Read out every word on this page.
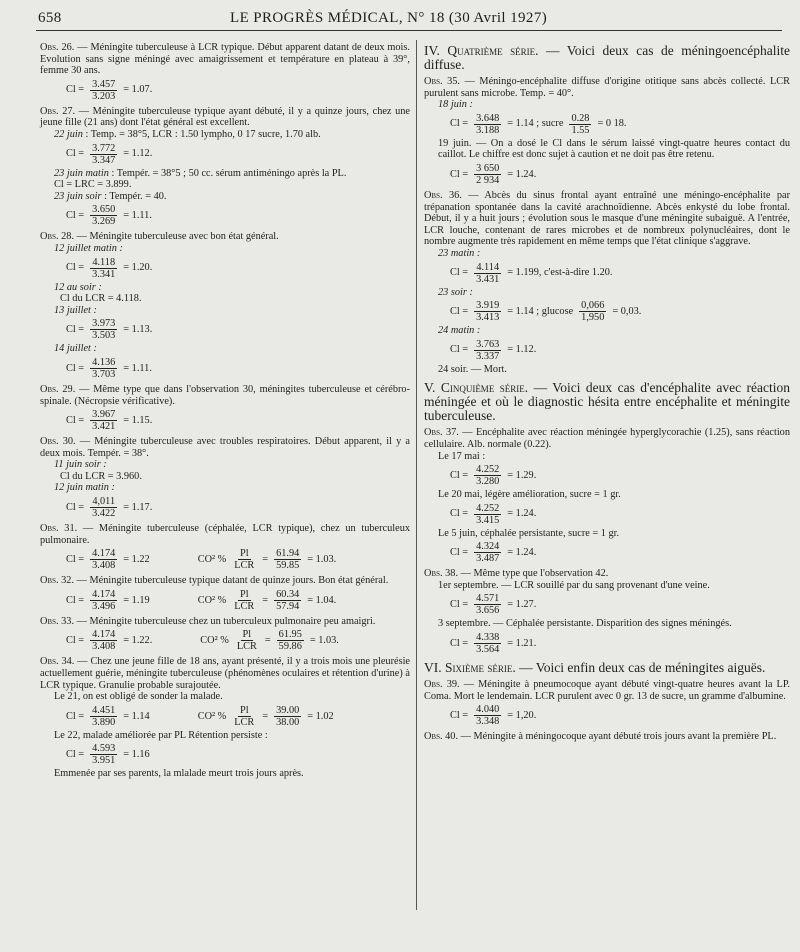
658	LE PROGRÈS MÉDICAL, N° 18 (30 Avril 1927)

Obs. 26. — Méningite tuberculeuse à LCR typique. Début apparent datant de deux mois. Evolution sans signe méningé avec amaigrissement et température en plateau à 39°, femme 30 ans.

$Cl = \frac{3.457}{3.203} = 1.07$.

Obs. 27. — Méningite tuberculeuse typique ayant débuté, il y a quinze jours, chez une jeune fille (21 ans) dont l'état général est excellent.

22 juin : Temp. = 38°5, LCR : 1.50 lympho, 0 17 sucre, 1.70 alb.

$Cl = \frac{3.772}{3.347} = 1.12$.

23 juin matin : Tempér. = 38°5 ; 50 cc. sérum antiméningo après la PL.

Cl = LRC = 3.899.

23 juin soir : Tempér. = 40.

$Cl = \frac{3.650}{3.269} = 1.11$.

Obs. 28. — Méningite tuberculeuse avec bon état général.

12 juillet matin :

$Cl = \frac{4.118}{3.341} = 1.20$.

12 au soir :

Cl du LCR = 4.118.

13 juillet :

$Cl = \frac{3.973}{3.503} = 1.13$.

14 juillet :

$Cl = \frac{4.136}{3.703} = 1.11$.

Obs. 29. — Même type que dans l'observation 30, méningites tuberculeuse et cérébro-spinale. (Nécropsie vérificative).

$Cl = \frac{3.967}{3.421} = 1.15$.

Obs. 30. — Méningite tuberculeuse avec troubles respiratoires. Début apparent, il y a deux mois. Tempér. = 38°.

11 juin soir :

Cl du LCR = 3.960.

12 juin matin :

$Cl = \frac{4,011}{3.422} = 1.17$.

Obs. 31. — Méningite tuberculeuse (céphalée, LCR typique), chez un tuberculeux pulmonaire.

$Cl = \frac{4.174}{3.408} = 1.22$	CO² % $\frac{Pl}{\text{LCR}} = \frac{61.94}{59.85} = 1.03$.

Obs. 32. — Méningite tuberculeuse typique datant de quinze jours. Bon état général.

$Cl = \frac{4.174}{3.496} = 1.19$	CO² % $\frac{Pl}{\text{LCR}} = \frac{60.34}{57.94} = 1.04$.

Obs. 33. — Méningite tuberculeuse chez un tuberculeux pulmonaire peu amaigri.

$Cl = \frac{4.174}{3.408} = 1.22$.	CO² % $\frac{Pl}{\text{LCR}} = \frac{61.95}{59.86} = 1.03$.

Obs. 34. — Chez une jeune fille de 18 ans, ayant présenté, il y a trois mois une pleurésie actuellement guérie, méningite tuberculeuse (phénomènes oculaires et rétention d'urine) à LCR typique. Granulie probable surajoutée.

Le 21, on est obligé de sonder la malade.

$Cl = \frac{4.451}{3.890} = 1.14$	CO² % $\frac{Pl}{\text{LCR}} = \frac{39.00}{38.00} = 1.02$

Le 22, malade améliorée par PL Rétention persiste :

$Cl = \frac{4.593}{3.951} = 1.16$

Emmenée par ses parents, la mlalade meurt trois jours après.

IV. Quatrième série. — Voici deux cas de méningoencéphalite diffuse.

Obs. 35. — Méningo-encéphalite diffuse d'origine otitique sans abcès collecté. LCR purulent sans microbe. Temp. = 40°.

18 juin :

$Cl = \frac{3.648}{3.188} = 1.14$ ; sucre $\frac{0.28}{1.55} = 0$ 18.

19 juin. — On a dosé le Cl dans le sérum laissé vingt-quatre heures contact du caillot. Le chiffre est donc sujet à caution et ne doit pas être retenu.

$Cl = \frac{3 650}{2 934} = 1.24$.

Obs. 36. — Abcès du sinus frontal ayant entraîné une méningo-encéphalite par trépanation spontanée dans la cavité arachnoïdienne. Abcès enkysté du lobe frontal. Début, il y a huit jours ; évolution sous le masque d'une méningite subaiguë. A l'entrée, LCR louche, contenant de rares microbes et de nombreux polynucléaires, dont le nombre augmente très rapidement en même temps que l'état clinique s'aggrave.

23 matin :

$Cl = \frac{4.114}{3.431} = 1.199$, c'est-à-dire 1.20.

23 soir :

$Cl = \frac{3.919}{3.413} = 1.14$ ; glucose $\frac{0,066}{1,950} = 0,03$.

24 matin :

$Cl = \frac{3.763}{3.337} = 1.12$.

24 soir. — Mort.

V. Cinquième série. — Voici deux cas d'encéphalite avec réaction méningée et où le diagnostic hésita entre encéphalite et méningite tuberculeuse.

Obs. 37. — Encéphalite avec réaction méningée hyperglycorachie (1.25), sans réaction cellulaire. Alb. normale (0.22).

Le 17 mai :

$Cl = \frac{4.252}{3.280} = 1.29$.

Le 20 mai, légère amélioration, sucre = 1 gr.

$Cl = \frac{4.252}{3.415} = 1.24$.

Le 5 juin, céphalée persistante, sucre = 1 gr.

$Cl = \frac{4.324}{3.487} = 1.24$.

Obs. 38. — Même type que l'observation 42.

1er septembre. — LCR souillé par du sang provenant d'une veine.

$Cl = \frac{4.571}{3.656} = 1.27$.

3 septembre. — Céphalée persistante. Disparition des signes méningés.

$Cl = \frac{4.338}{3.564} = 1.21$.

VI. Sixième série. — Voici enfin deux cas de méningites aiguës.

Obs. 39. — Méningite à pneumocoque ayant débuté vingt-quatre heures avant la LP. Coma. Mort le lendemain. LCR purulent avec 0 gr. 13 de sucre, un gramme d'albumine.

$Cl = \frac{4.040}{3.348} = 1,20$.

Obs. 40. — Méningite à méningocoque ayant débuté trois jours avant la première PL.
